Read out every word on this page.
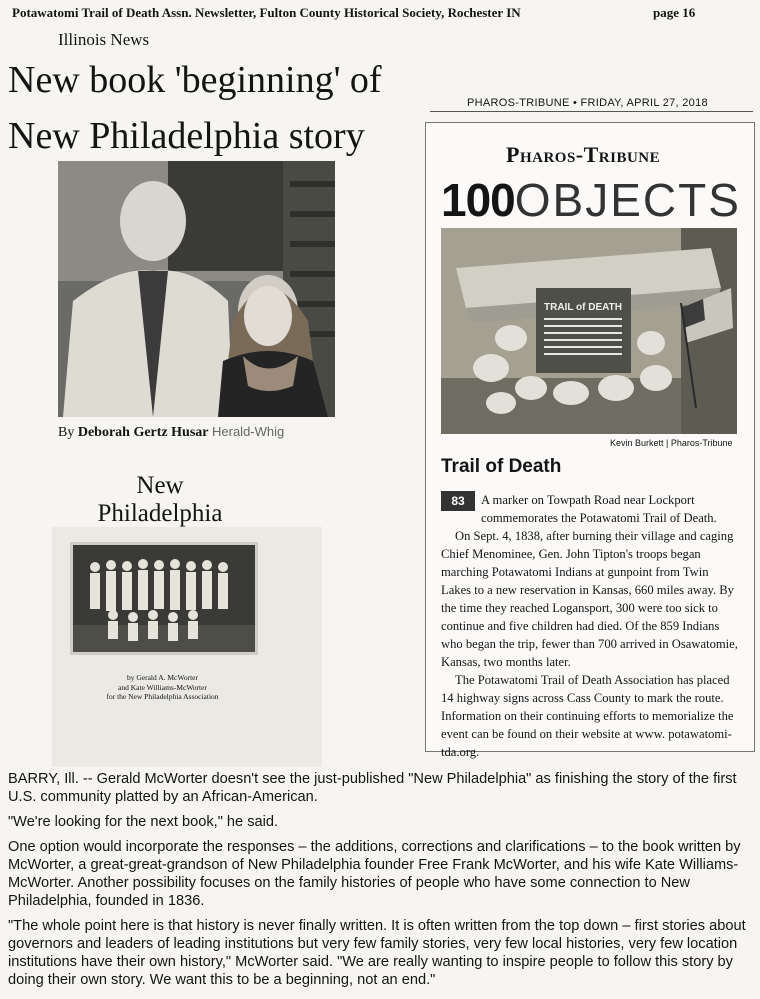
Potawatomi Trail of Death Assn. Newsletter, Fulton County Historical Society, Rochester IN	page 16
Illinois News
New book 'beginning' of
New Philadelphia story
By Deborah Gertz Husar Herald-Whig
New
Philadelphia
by Gerald A. McWorter
and Kate Williams-McWorter
for the New Philadelphia Association
PHAROS-TRIBUNE • FRIDAY, APRIL 27, 2018
Pharos-Tribune
100OBJECTS
TRAIL of DEATH
Kevin Burkett | Pharos-Tribune
Trail of Death
83	A marker on Towpath Road near Lockport commemorates the Potawatomi Trail of Death.

On Sept. 4, 1838, after burning their village and caging Chief Menominee, Gen. John Tipton's troops began marching Potawatomi Indians at gunpoint from Twin Lakes to a new reservation in Kansas, 660 miles away. By the time they reached Logansport, 300 were too sick to continue and five children had died. Of the 859 Indians who began the trip, fewer than 700 arrived in Osawatomie, Kansas, two months later.

The Potawatomi Trail of Death Association has placed 14 highway signs across Cass County to mark the route. Information on their continuing efforts to memorialize the event can be found on their website at www. potawatomi-tda.org.

BARRY, Ill. -- Gerald McWorter doesn't see the just-published "New Philadelphia" as finishing the story of the first U.S. community platted by an African-American.

"We're looking for the next book," he said.

One option would incorporate the responses – the additions, corrections and clarifications – to the book written by McWorter, a great-great-grandson of New Philadelphia founder Free Frank McWorter, and his wife Kate Williams-McWorter. Another possibility focuses on the family histories of people who have some connection to New Philadelphia, founded in 1836.

"The whole point here is that history is never finally written. It is often written from the top down – first stories about governors and leaders of leading institutions but very few family stories, very few local histories, very few location institutions have their own history," McWorter said. "We are really wanting to inspire people to follow this story by doing their own story. We want this to be a beginning, not an end."
